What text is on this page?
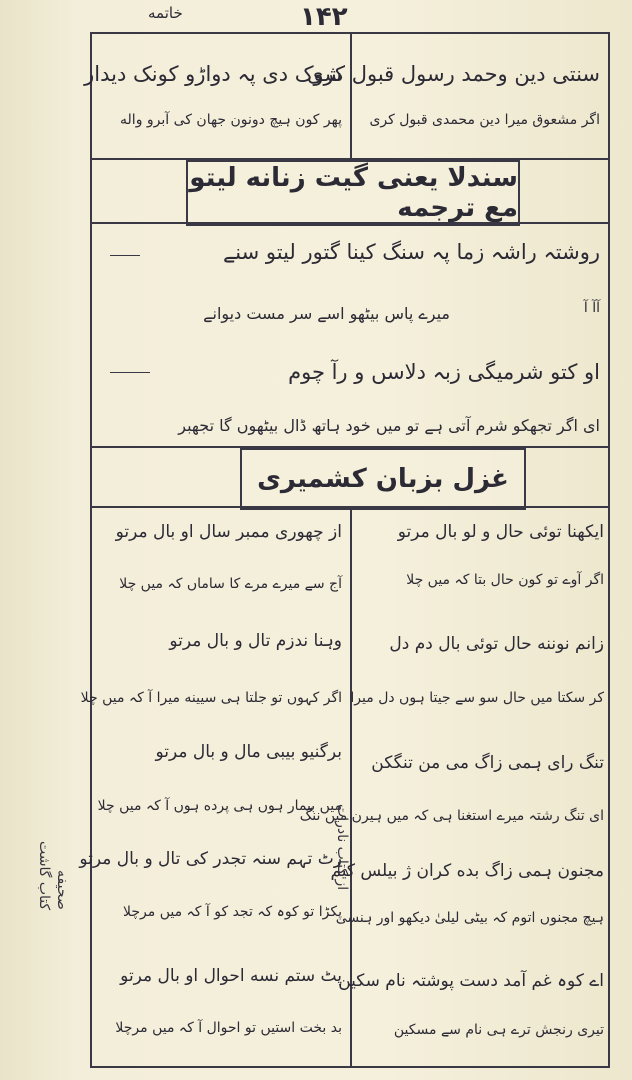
خاتمه	۱۴۲
سنتی دین وحمد رسول قبول کری
اگر مشعوق میرا دین محمدی قبول کری
شوک دی پہ دواڑو کونک دیدار
پھر کون ہیچ دونون جهان کی آبرو واله
سندلا یعنی گیت زنانه لیتو مع ترجمه
روشتہ راشہ زما پہ سنگ کینا گتور لیتو سنے
آآ آ
میرے پاس بیٹھو اسے سر مست دیوانے
او کتو شرمیگی زبہ دلاسں و رآ چوم
ای اگر تجھکو شرم آتی ہے تو میں خود ہاتھ ڈال بیٹھوں گا تجھبر
غزل بزبان کشمیری
ایکهنا توئی حال و لو بال مرتو
اگر آوے تو کون حال بتا کہ میں چلا
زانم نوننه حال توئی بال دم دل
کر سکتا میں حال سو سے جیتا ہوں دل میرا
تنگ رای ہمی زاگ می من تنگکن
ای تنگ رشتہ میرے استغنا ہی کہ میں ہیرن میں ننگ
مجنون ہمی زاگ بده کران ژ بیلس کیم
ہیچ مجنوں اتوم کہ بیٹی لیلیٰ دیکھو اور ہنسی
اے کوہ غم آمد دست پوشتہ نام سکین
تیری رنجش ترے ہی نام سے مسکین
از چھوری ممبر سال او بال مرتو
آج سے میرے مرے کا ساماں کہ میں چلا
وہنا ندزم تال و بال مرتو
اگر کہوں تو جلتا ہی سیینه میرا آ کہ میں چلا
برگنیو بیبی مال و بال مرتو
میں بیمار ہوں ہی پرده ہوں آ کہ میں چلا
رٹ تہم سنہ تجدر کی تال و بال مرتو
پکڑا تو کوہ کہ تجد کو آ کہ میں مرچلا
پٹ ستم نسه احوال او بال مرتو
بد بخت استیں تو احوال آ کہ میں مرچلا
از کتاب نادرات
کتاب گاشت صحیفه
